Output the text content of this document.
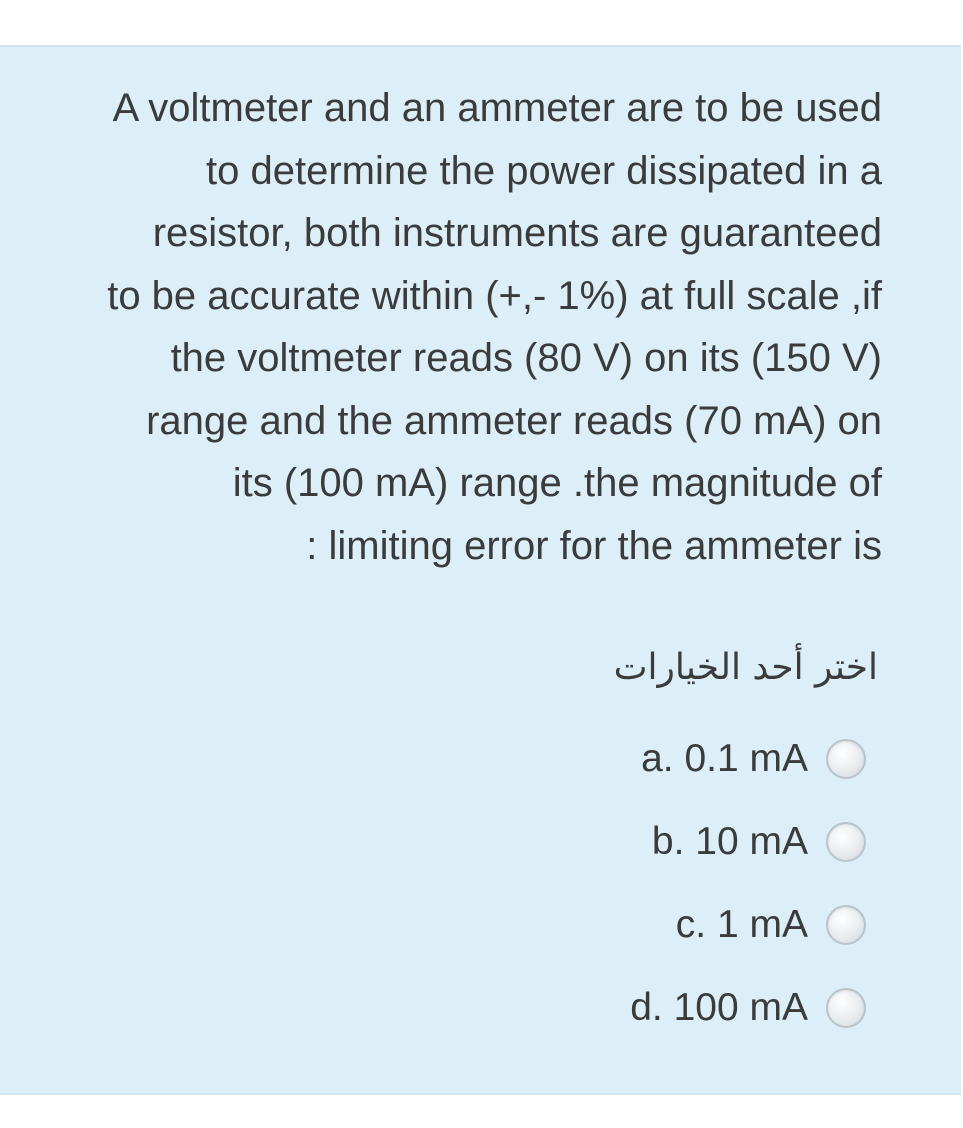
A voltmeter and an ammeter are to be used
to determine the power dissipated in a
resistor, both instruments are guaranteed
to be accurate within (+,- 1%) at full scale ,if
the voltmeter reads (80 V) on its (150 V)
range and the ammeter reads (70 mA) on
its (100 mA) range .the magnitude of
: limiting error for the ammeter is

اختر أحد الخيارات
a. 0.1 mA
b. 10 mA
c. 1 mA
d. 100 mA
